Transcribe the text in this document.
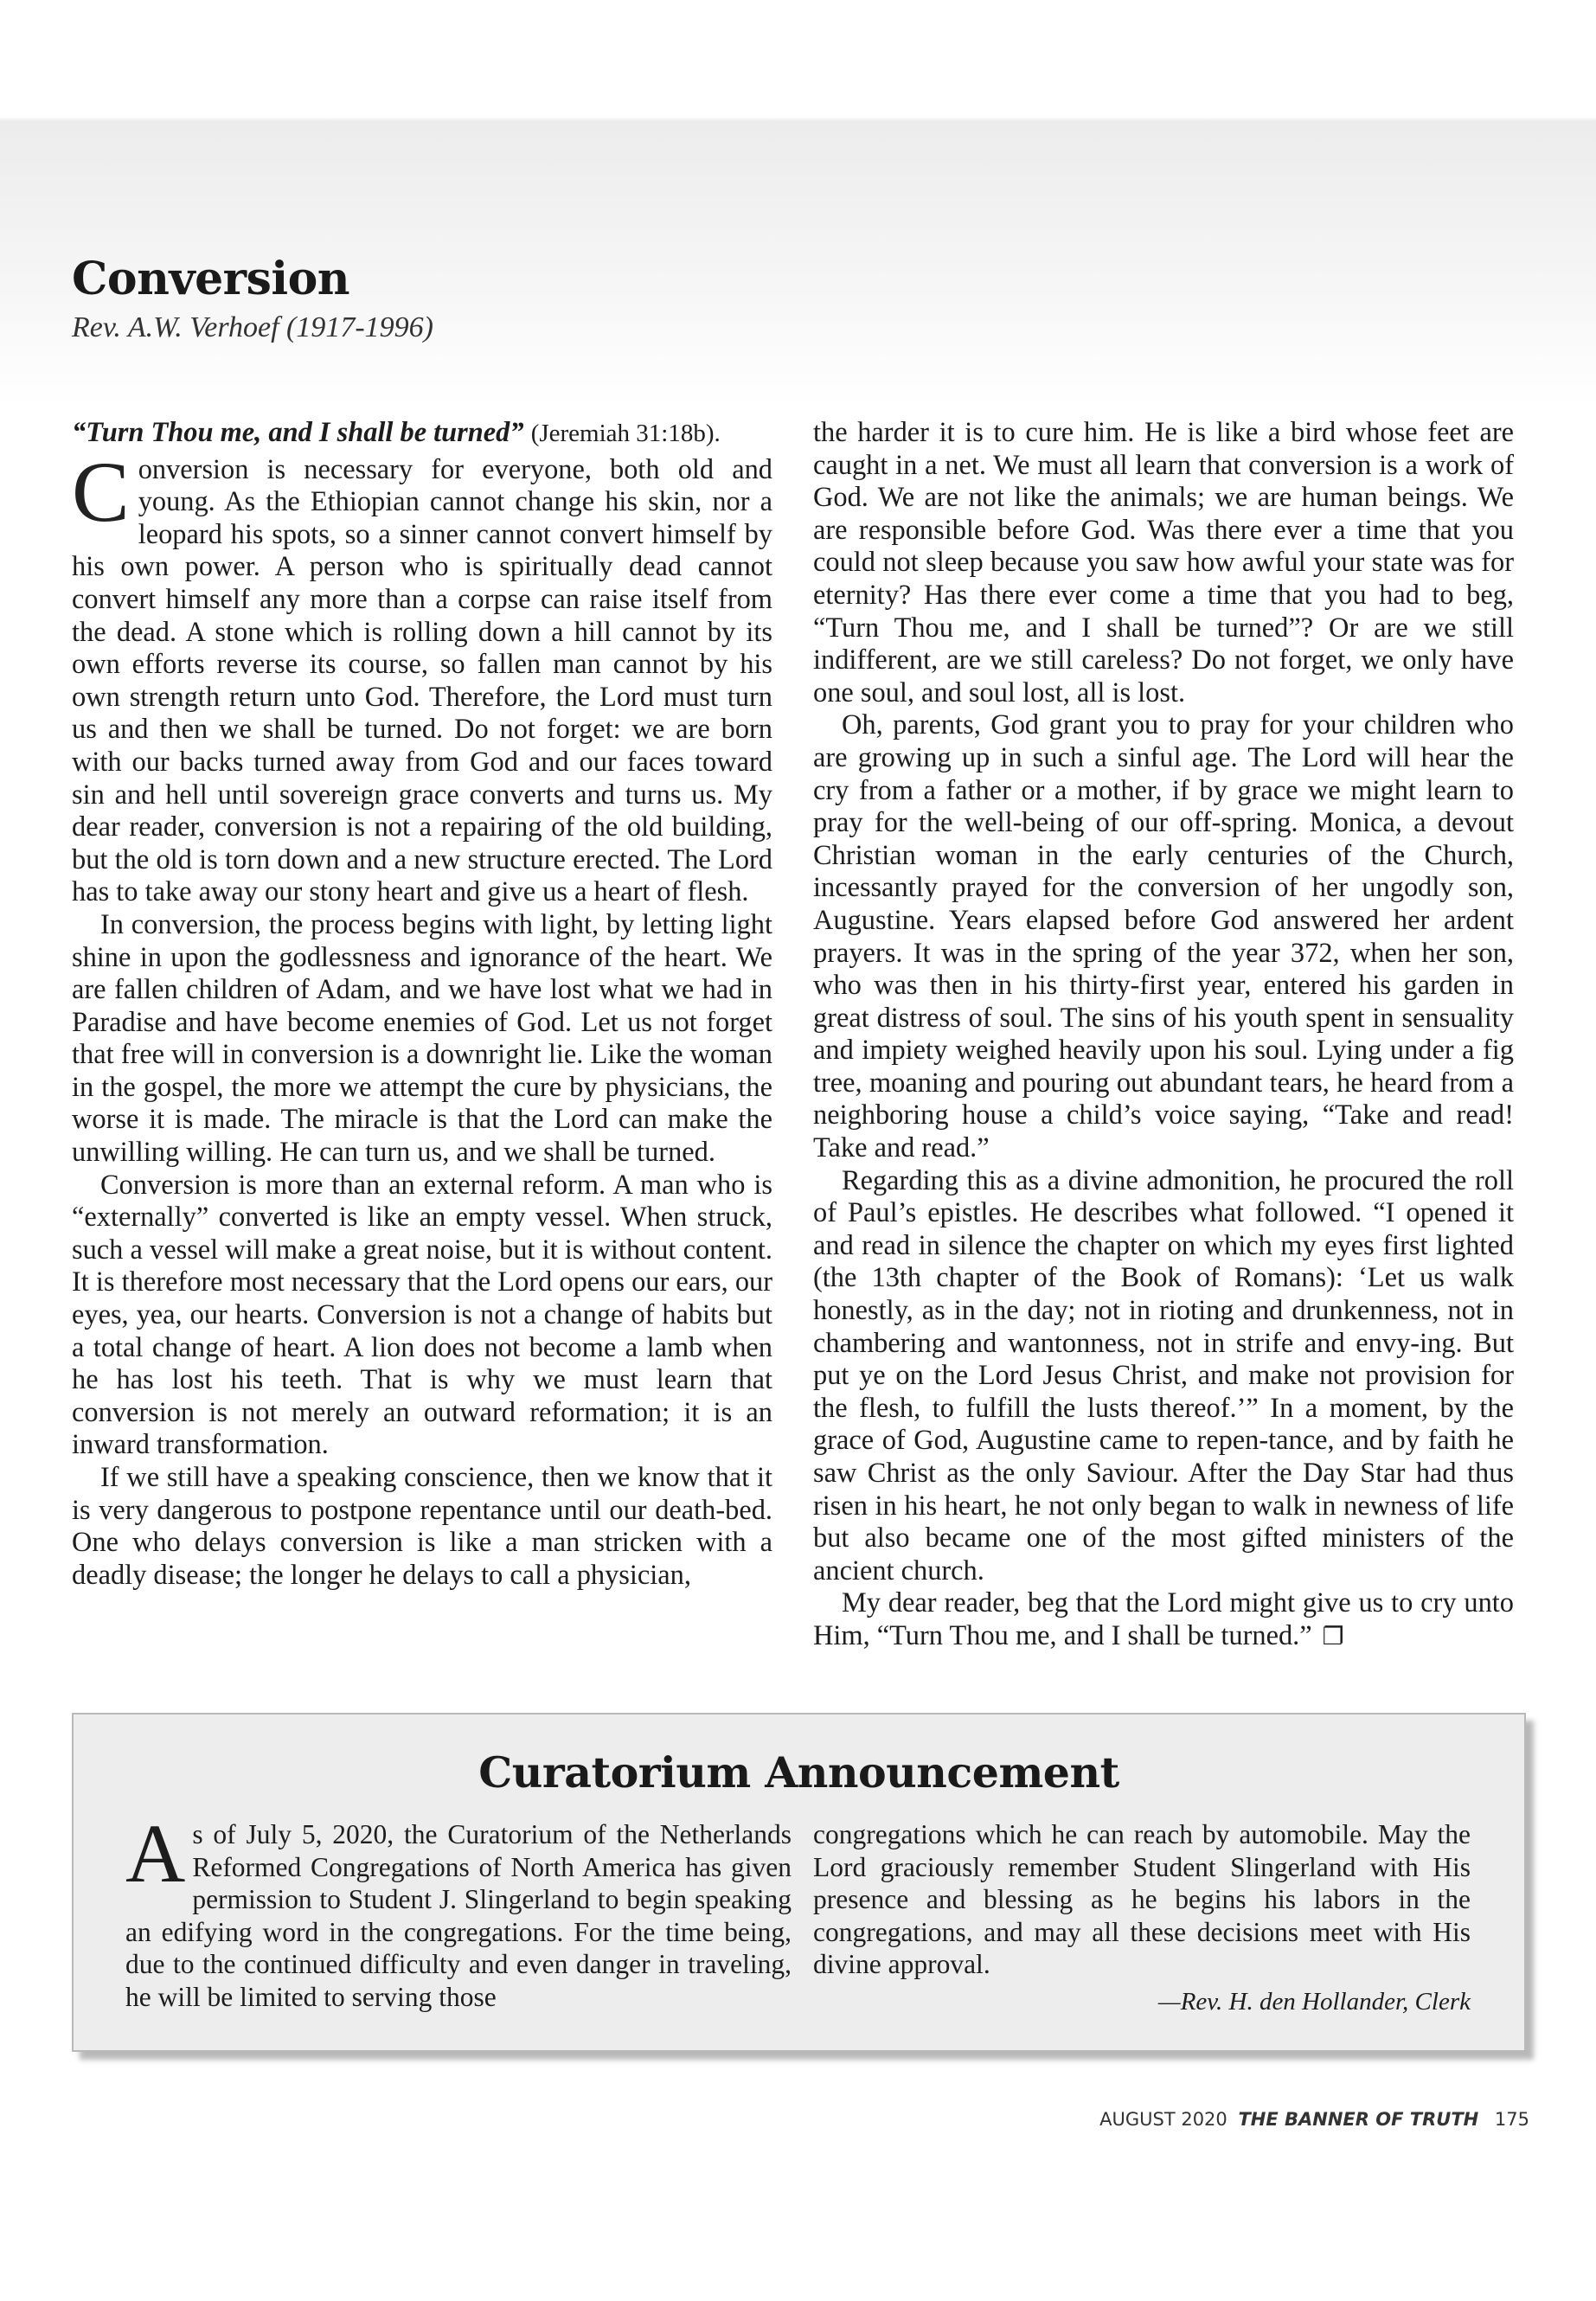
Conversion
Rev. A.W. Verhoef (1917-1996)

“Turn Thou me, and I shall be turned” (Jeremiah 31:18b).

Conversion is necessary for everyone, both old and young. As the Ethiopian cannot change his skin, nor a leopard his spots, so a sinner cannot convert himself by his own power. A person who is spiritually dead cannot convert himself any more than a corpse can raise itself from the dead. A stone which is rolling down a hill cannot by its own efforts reverse its course, so fallen man cannot by his own strength return unto God. Therefore, the Lord must turn us and then we shall be turned. Do not forget: we are born with our backs turned away from God and our faces toward sin and hell until sovereign grace converts and turns us. My dear reader, conversion is not a repairing of the old building, but the old is torn down and a new structure erected. The Lord has to take away our stony heart and give us a heart of flesh.

In conversion, the process begins with light, by letting light shine in upon the godlessness and ignorance of the heart. We are fallen children of Adam, and we have lost what we had in Paradise and have become enemies of God. Let us not forget that free will in conversion is a downright lie. Like the woman in the gospel, the more we attempt the cure by physicians, the worse it is made. The miracle is that the Lord can make the unwilling willing. He can turn us, and we shall be turned.

Conversion is more than an external reform. A man who is “externally” converted is like an empty vessel. When struck, such a vessel will make a great noise, but it is without content. It is therefore most necessary that the Lord opens our ears, our eyes, yea, our hearts. Conversion is not a change of habits but a total change of heart. A lion does not become a lamb when he has lost his teeth. That is why we must learn that conversion is not merely an outward reformation; it is an inward transformation.

If we still have a speaking conscience, then we know that it is very dangerous to postpone repentance until our death-bed. One who delays conversion is like a man stricken with a deadly disease; the longer he delays to call a physician,

the harder it is to cure him. He is like a bird whose feet are caught in a net. We must all learn that conversion is a work of God. We are not like the animals; we are human beings. We are responsible before God. Was there ever a time that you could not sleep because you saw how awful your state was for eternity? Has there ever come a time that you had to beg, “Turn Thou me, and I shall be turned”? Or are we still indifferent, are we still careless? Do not forget, we only have one soul, and soul lost, all is lost.

Oh, parents, God grant you to pray for your children who are growing up in such a sinful age. The Lord will hear the cry from a father or a mother, if by grace we might learn to pray for the well-being of our off-spring. Monica, a devout Christian woman in the early centuries of the Church, incessantly prayed for the conversion of her ungodly son, Augustine. Years elapsed before God answered her ardent prayers. It was in the spring of the year 372, when her son, who was then in his thirty-first year, entered his garden in great distress of soul. The sins of his youth spent in sensuality and impiety weighed heavily upon his soul. Lying under a fig tree, moaning and pouring out abundant tears, he heard from a neighboring house a child’s voice saying, “Take and read! Take and read.”

Regarding this as a divine admonition, he procured the roll of Paul’s epistles. He describes what followed. “I opened it and read in silence the chapter on which my eyes first lighted (the 13th chapter of the Book of Romans): ‘Let us walk honestly, as in the day; not in rioting and drunkenness, not in chambering and wantonness, not in strife and envy-ing. But put ye on the Lord Jesus Christ, and make not provision for the flesh, to fulfill the lusts thereof.’” In a moment, by the grace of God, Augustine came to repen-tance, and by faith he saw Christ as the only Saviour. After the Day Star had thus risen in his heart, he not only began to walk in newness of life but also became one of the most gifted ministers of the ancient church.

My dear reader, beg that the Lord might give us to cry unto Him, “Turn Thou me, and I shall be turned.” ❐

Curatorium Announcement

As of July 5, 2020, the Curatorium of the Netherlands Reformed Congregations of North America has given permission to Student J. Slingerland to begin speaking an edifying word in the congregations. For the time being, due to the continued difficulty and even danger in traveling, he will be limited to serving those

congregations which he can reach by automobile. May the Lord graciously remember Student Slingerland with His presence and blessing as he begins his labors in the congregations, and may all these decisions meet with His divine approval.

—Rev. H. den Hollander, Clerk
AUGUST 2020 THE BANNER OF TRUTH 175
